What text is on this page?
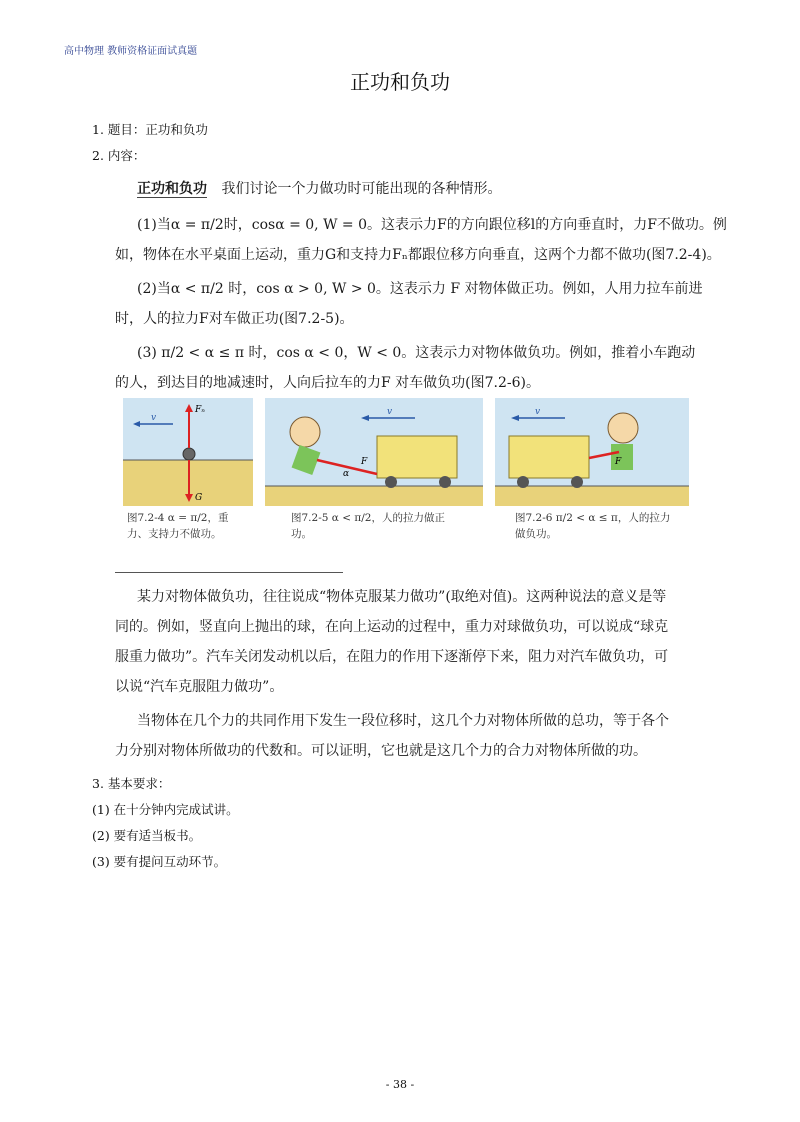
高中物理 教师资格证面试真题
正功和负功
1. 题目：正功和负功
2. 内容：
正功和负功 我们讨论一个力做功时可能出现的各种情形。
(1)当α = π/2时，cosα = 0, W = 0。这表示力F的方向跟位移l的方向垂直时，力F不做功。例
如，物体在水平桌面上运动，重力G和支持力Fₙ都跟位移方向垂直，这两个力都不做功(图7.2-4)。
(2)当α < π/2 时，cos α > 0, W > 0。这表示力 F 对物体做正功。例如，人用力拉车前进
时，人的拉力F对车做正功(图7.2-5)。
(3) π/2 < α ≤ π 时，cos α < 0，W < 0。这表示力对物体做负功。例如，推着小车跑动
的人，到达目的地减速时，人向后拉车的力F 对车做负功(图7.2-6)。
v
Fₙ
G
图7.2-4 α = π/2，重力、支持力不做功。
v
F
α
图7.2-5 α < π/2，人的拉力做正功。
v
F
图7.2-6 π/2 < α ≤ π，人的拉力做负功。
某力对物体做负功，往往说成“物体克服某力做功”(取绝对值)。这两种说法的意义是等
同的。例如，竖直向上抛出的球，在向上运动的过程中，重力对球做负功，可以说成“球克
服重力做功”。汽车关闭发动机以后，在阻力的作用下逐渐停下来，阻力对汽车做负功，可
以说“汽车克服阻力做功”。
当物体在几个力的共同作用下发生一段位移时，这几个力对物体所做的总功，等于各个
力分别对物体所做功的代数和。可以证明，它也就是这几个力的合力对物体所做的功。
3. 基本要求：
(1) 在十分钟内完成试讲。
(2) 要有适当板书。
(3) 要有提问互动环节。
- 38 -
